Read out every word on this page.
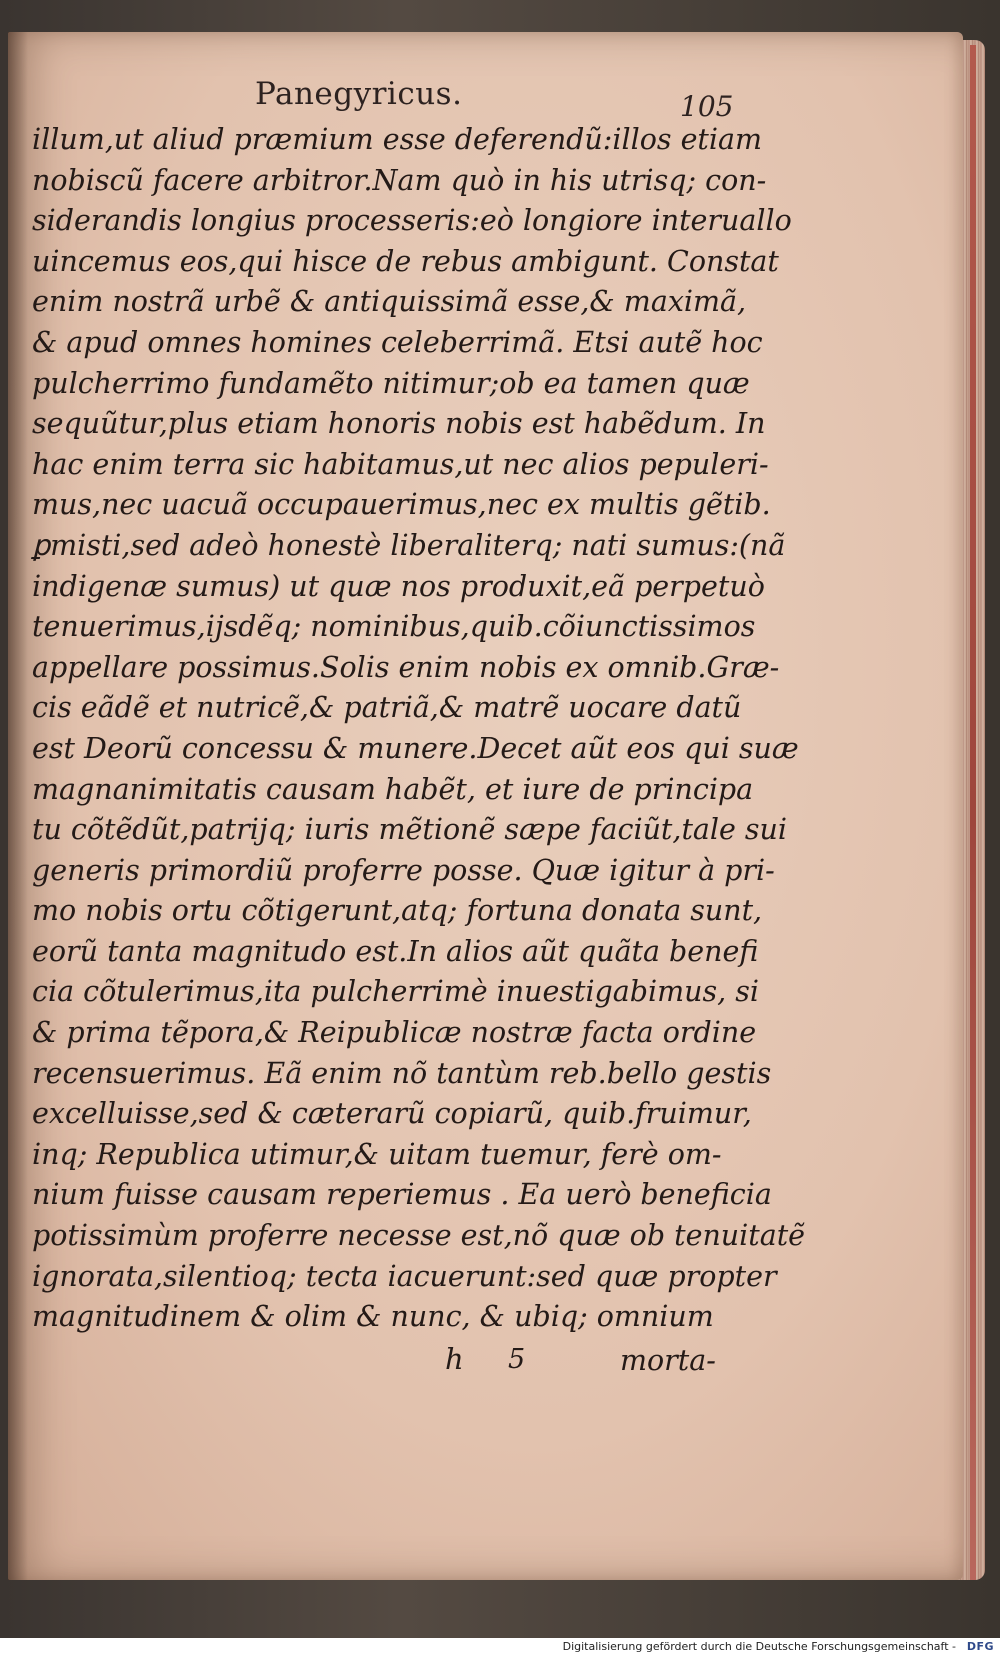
Panegyricus.	105
illum,ut aliud præmium esse deferendũ:illos etiam
nobiscũ facere arbitror.Nam quò in his utrisq; con-
siderandis longius processeris:eò longiore interuallo
uincemus eos,qui hisce de rebus ambigunt. Constat
enim nostrã urbẽ & antiquissimã esse,& maximã,
& apud omnes homines celeberrimã. Etsi autẽ hoc
pulcherrimo fundamẽto nitimur;ob ea tamen quæ
sequũtur,plus etiam honoris nobis est habẽdum. In
hac enim terra sic habitamus,ut nec alios pepuleri-
mus,nec uacuã occupauerimus,nec ex multis gẽtib.
ꝑmisti,sed adeò honestè liberaliterq; nati sumus:(nã
indigenæ sumus) ut quæ nos produxit,eã perpetuò
tenuerimus,ijsdẽq; nominibus,quib.cõiunctissimos
appellare possimus.Solis enim nobis ex omnib.Græ-
cis eãdẽ et nutricẽ,& patriã,& matrẽ uocare datũ
est Deorũ concessu & munere.Decet aũt eos qui suæ
magnanimitatis causam habẽt, et iure de principa
tu cõtẽdũt,patrijq; iuris mẽtionẽ sæpe faciũt,tale sui
generis primordiũ proferre posse. Quæ igitur à pri-
mo nobis ortu cõtigerunt,atq; fortuna donata sunt,
eorũ tanta magnitudo est.In alios aũt quãta benefi
cia cõtulerimus,ita pulcherrimè inuestigabimus, si
& prima tẽpora,& Reipublicæ nostræ facta ordine
recensuerimus. Eã enim nõ tantùm reb.bello gestis
excelluisse,sed & cæterarũ copiarũ, quib.fruimur,
inq; Republica utimur,& uitam tuemur, ferè om-
nium fuisse causam reperiemus . Ea uerò beneficia
potissimùm proferre necesse est,nõ quæ ob tenuitatẽ
ignorata,silentioq; tecta iacuerunt:sed quæ propter
magnitudinem & olim & nunc, & ubiq; omnium
h 5	morta-
Digitalisierung gefördert durch die Deutsche Forschungsgemeinschaft - DFG
